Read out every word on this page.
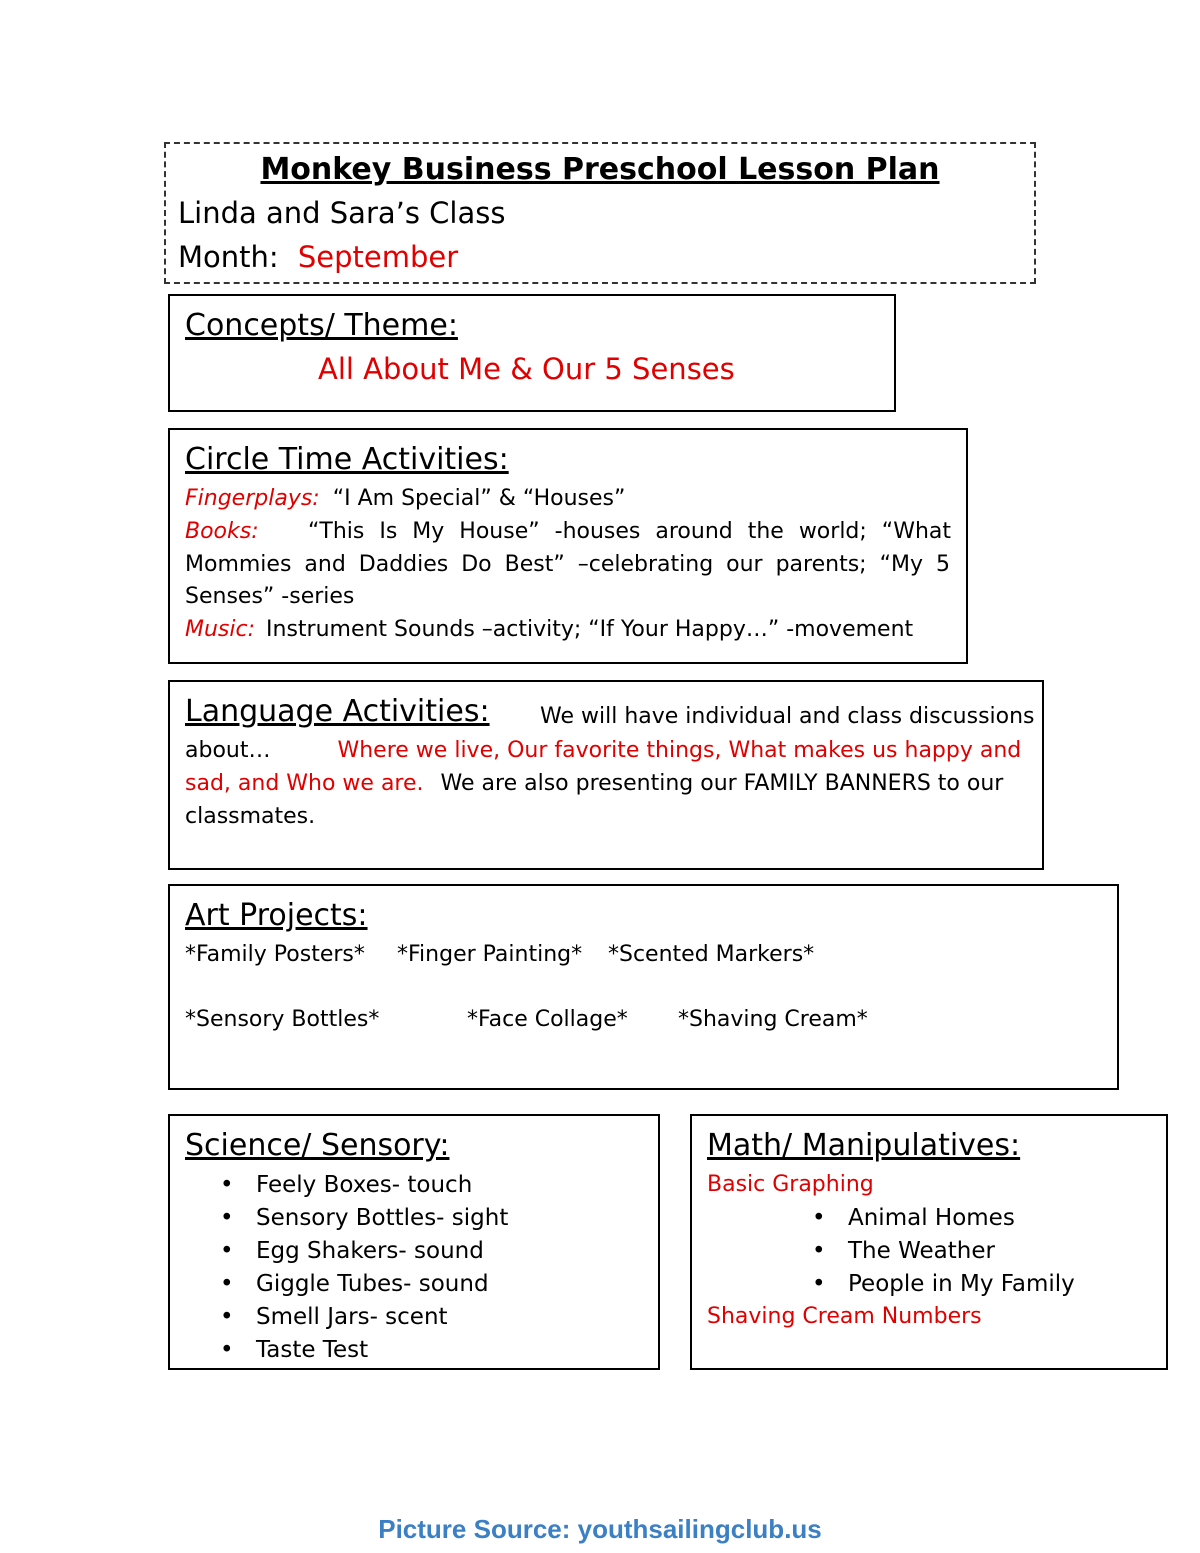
Monkey Business Preschool Lesson Plan
Linda and Sara’s Class
Month: September
Concepts/ Theme:
All About Me & Our 5 Senses
Circle Time Activities:
Fingerplays: “I Am Special” & “Houses”
Books: “This Is My House” -houses around the world; “What
Mommies and Daddies Do Best” –celebrating our parents; “My 5
Senses” -series
Music: Instrument Sounds –activity; “If Your Happy…” -movement
Language Activities: We will have individual and class discussions
about…	Where we live, Our favorite things, What makes us happy and
sad, and Who we are. We are also presenting our FAMILY BANNERS to our
classmates.
Art Projects:
*Family Posters* *Finger Painting* *Scented Markers*
*Sensory Bottles*	*Face Collage* *Shaving Cream*
Science/ Sensory:
• Feely Boxes- touch
• Sensory Bottles- sight
• Egg Shakers- sound
• Giggle Tubes- sound
• Smell Jars- scent
• Taste Test
Math/ Manipulatives:
Basic Graphing
• Animal Homes
• The Weather
• People in My Family
Shaving Cream Numbers
Picture Source: youthsailingclub.us
